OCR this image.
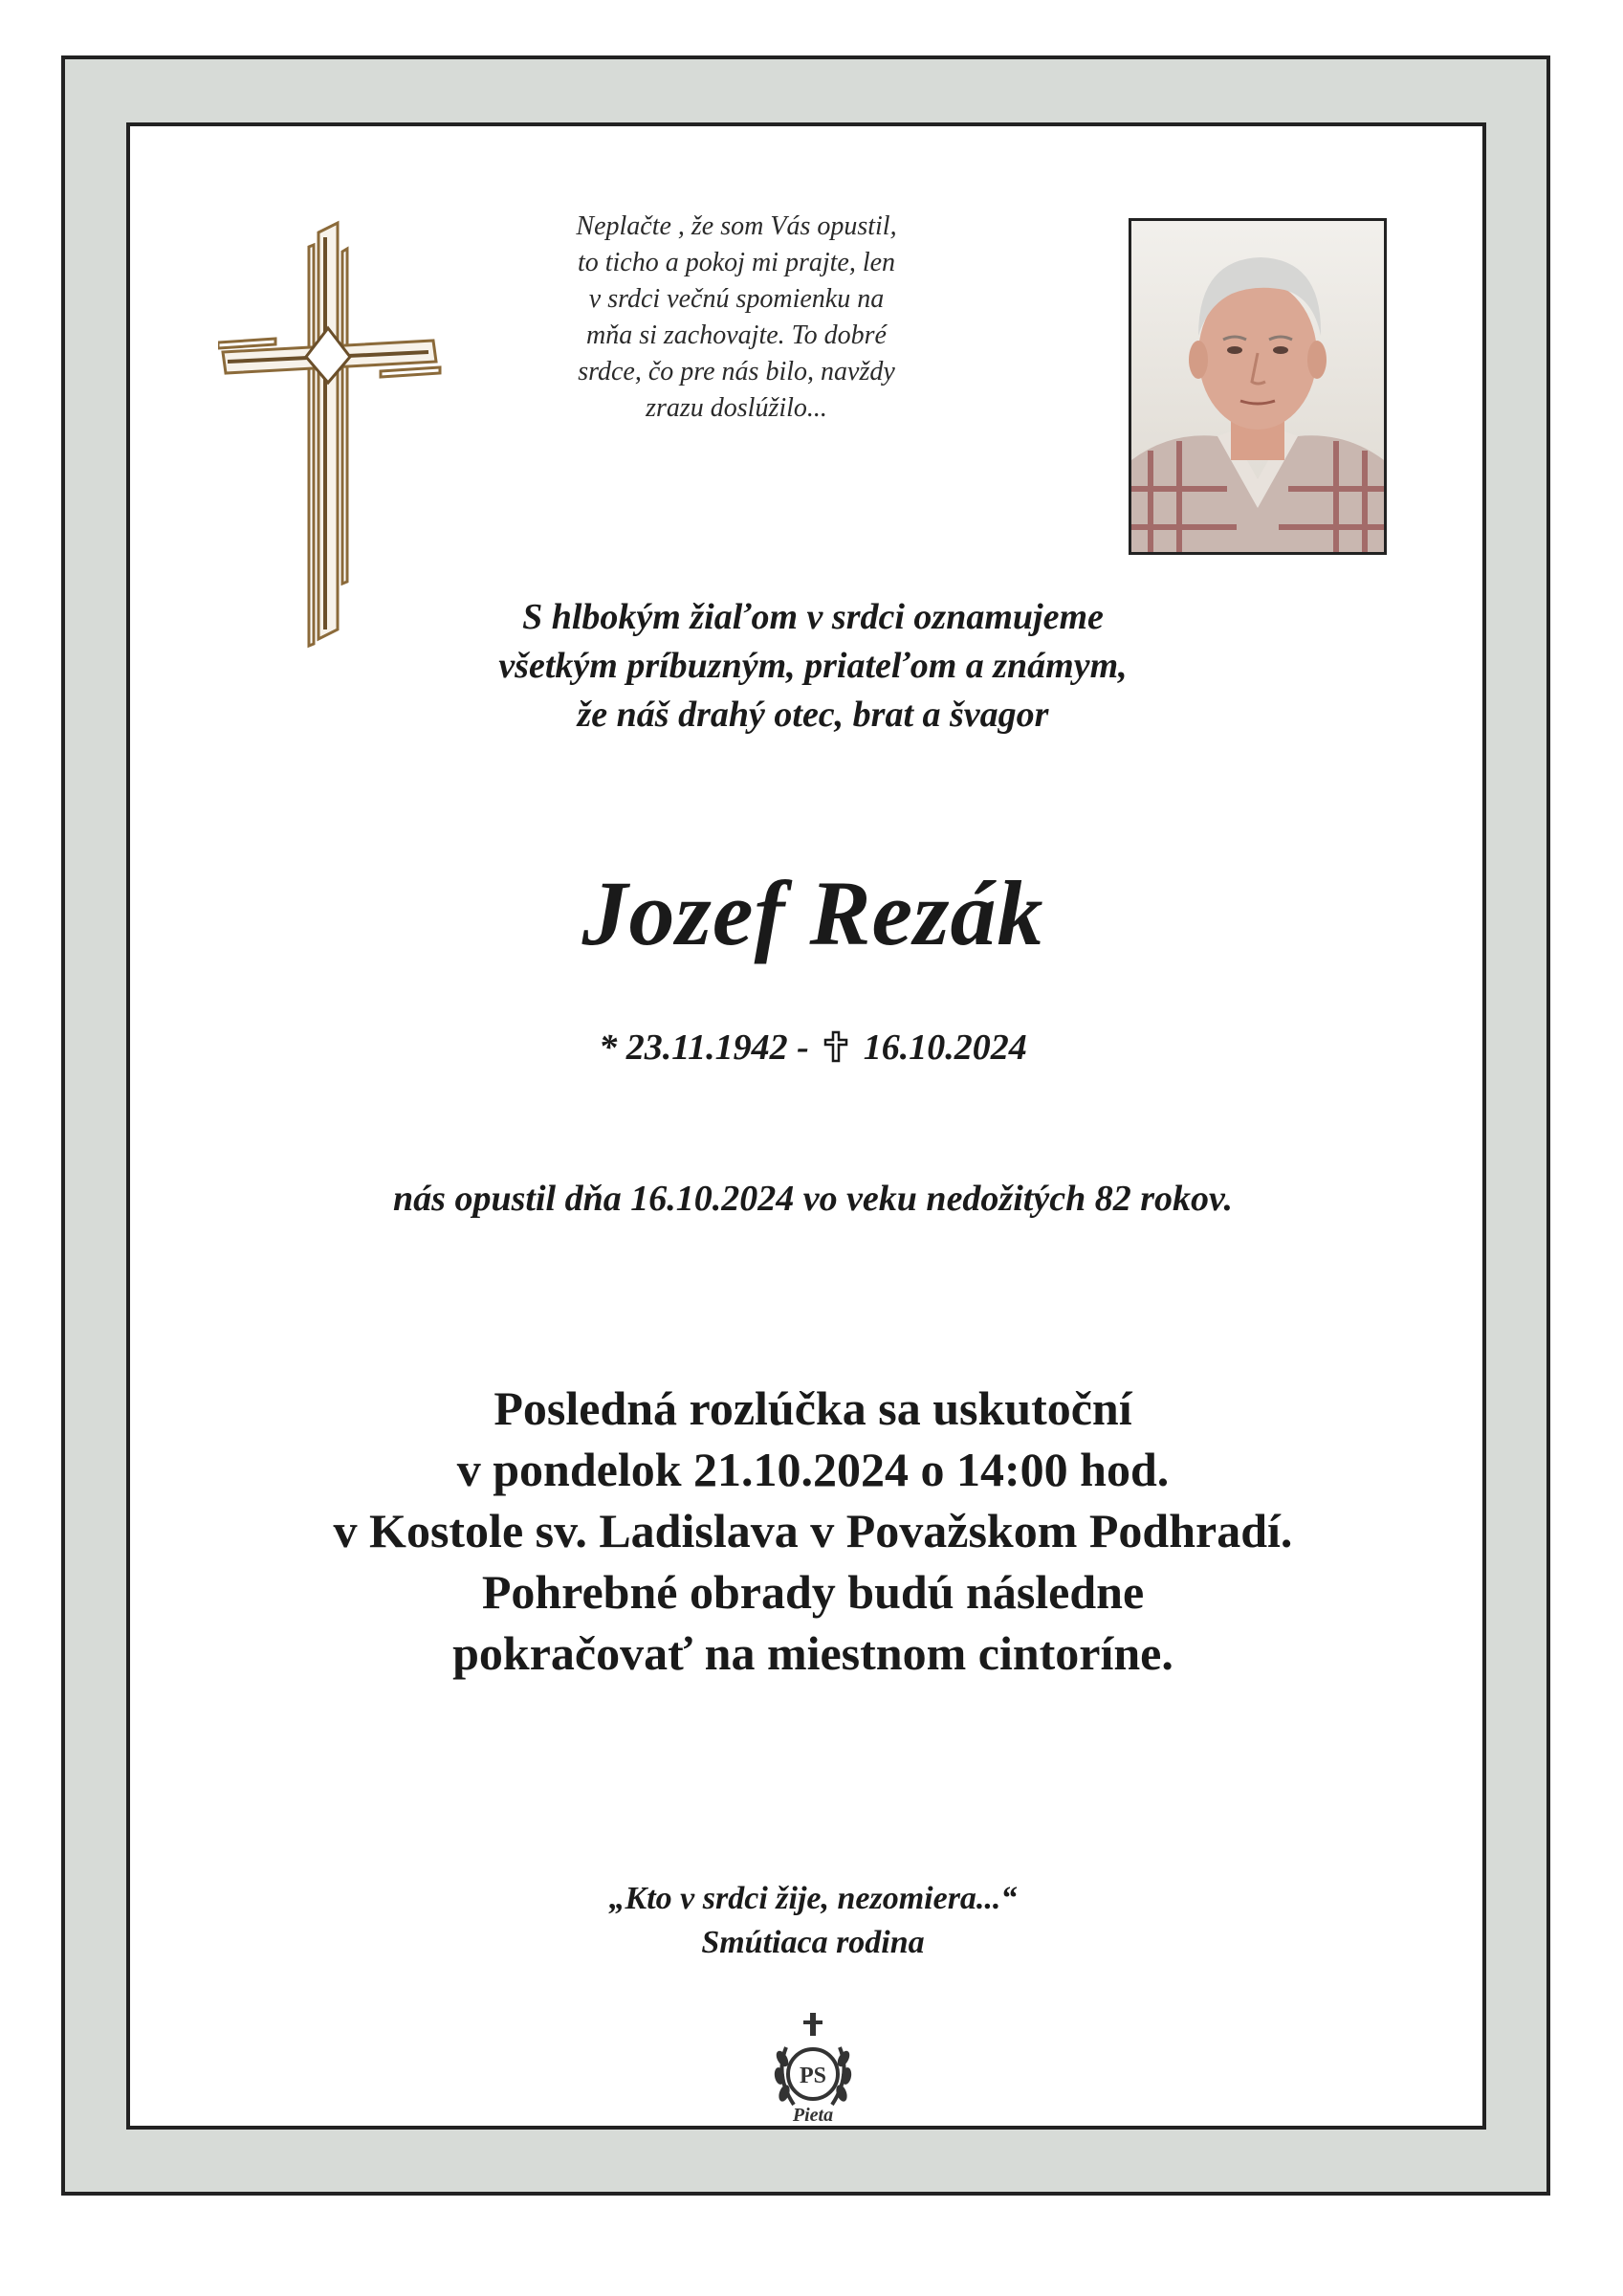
Neplačte , že som Vás opustil,
to ticho a pokoj mi prajte, len
v srdci večnú spomienku na
mňa si zachovajte. To dobré
srdce, čo pre nás bilo, navždy
zrazu doslúžilo...
S hlbokým žiaľom v srdci oznamujeme
všetkým príbuzným, priateľom a známym,
že náš drahý otec, brat a švagor
Jozef Rezák
* 23.11.1942 - 16.10.2024
nás opustil dňa 16.10.2024 vo veku nedožitých 82 rokov.
Posledná rozlúčka sa uskutoční
v pondelok 21.10.2024 o 14:00 hod.
v Kostole sv. Ladislava v Považskom Podhradí.
Pohrebné obrady budú následne
pokračovať na miestnom cintoríne.
„Kto v srdci žije, nezomiera...“
Smútiaca rodina
PS
Pieta
